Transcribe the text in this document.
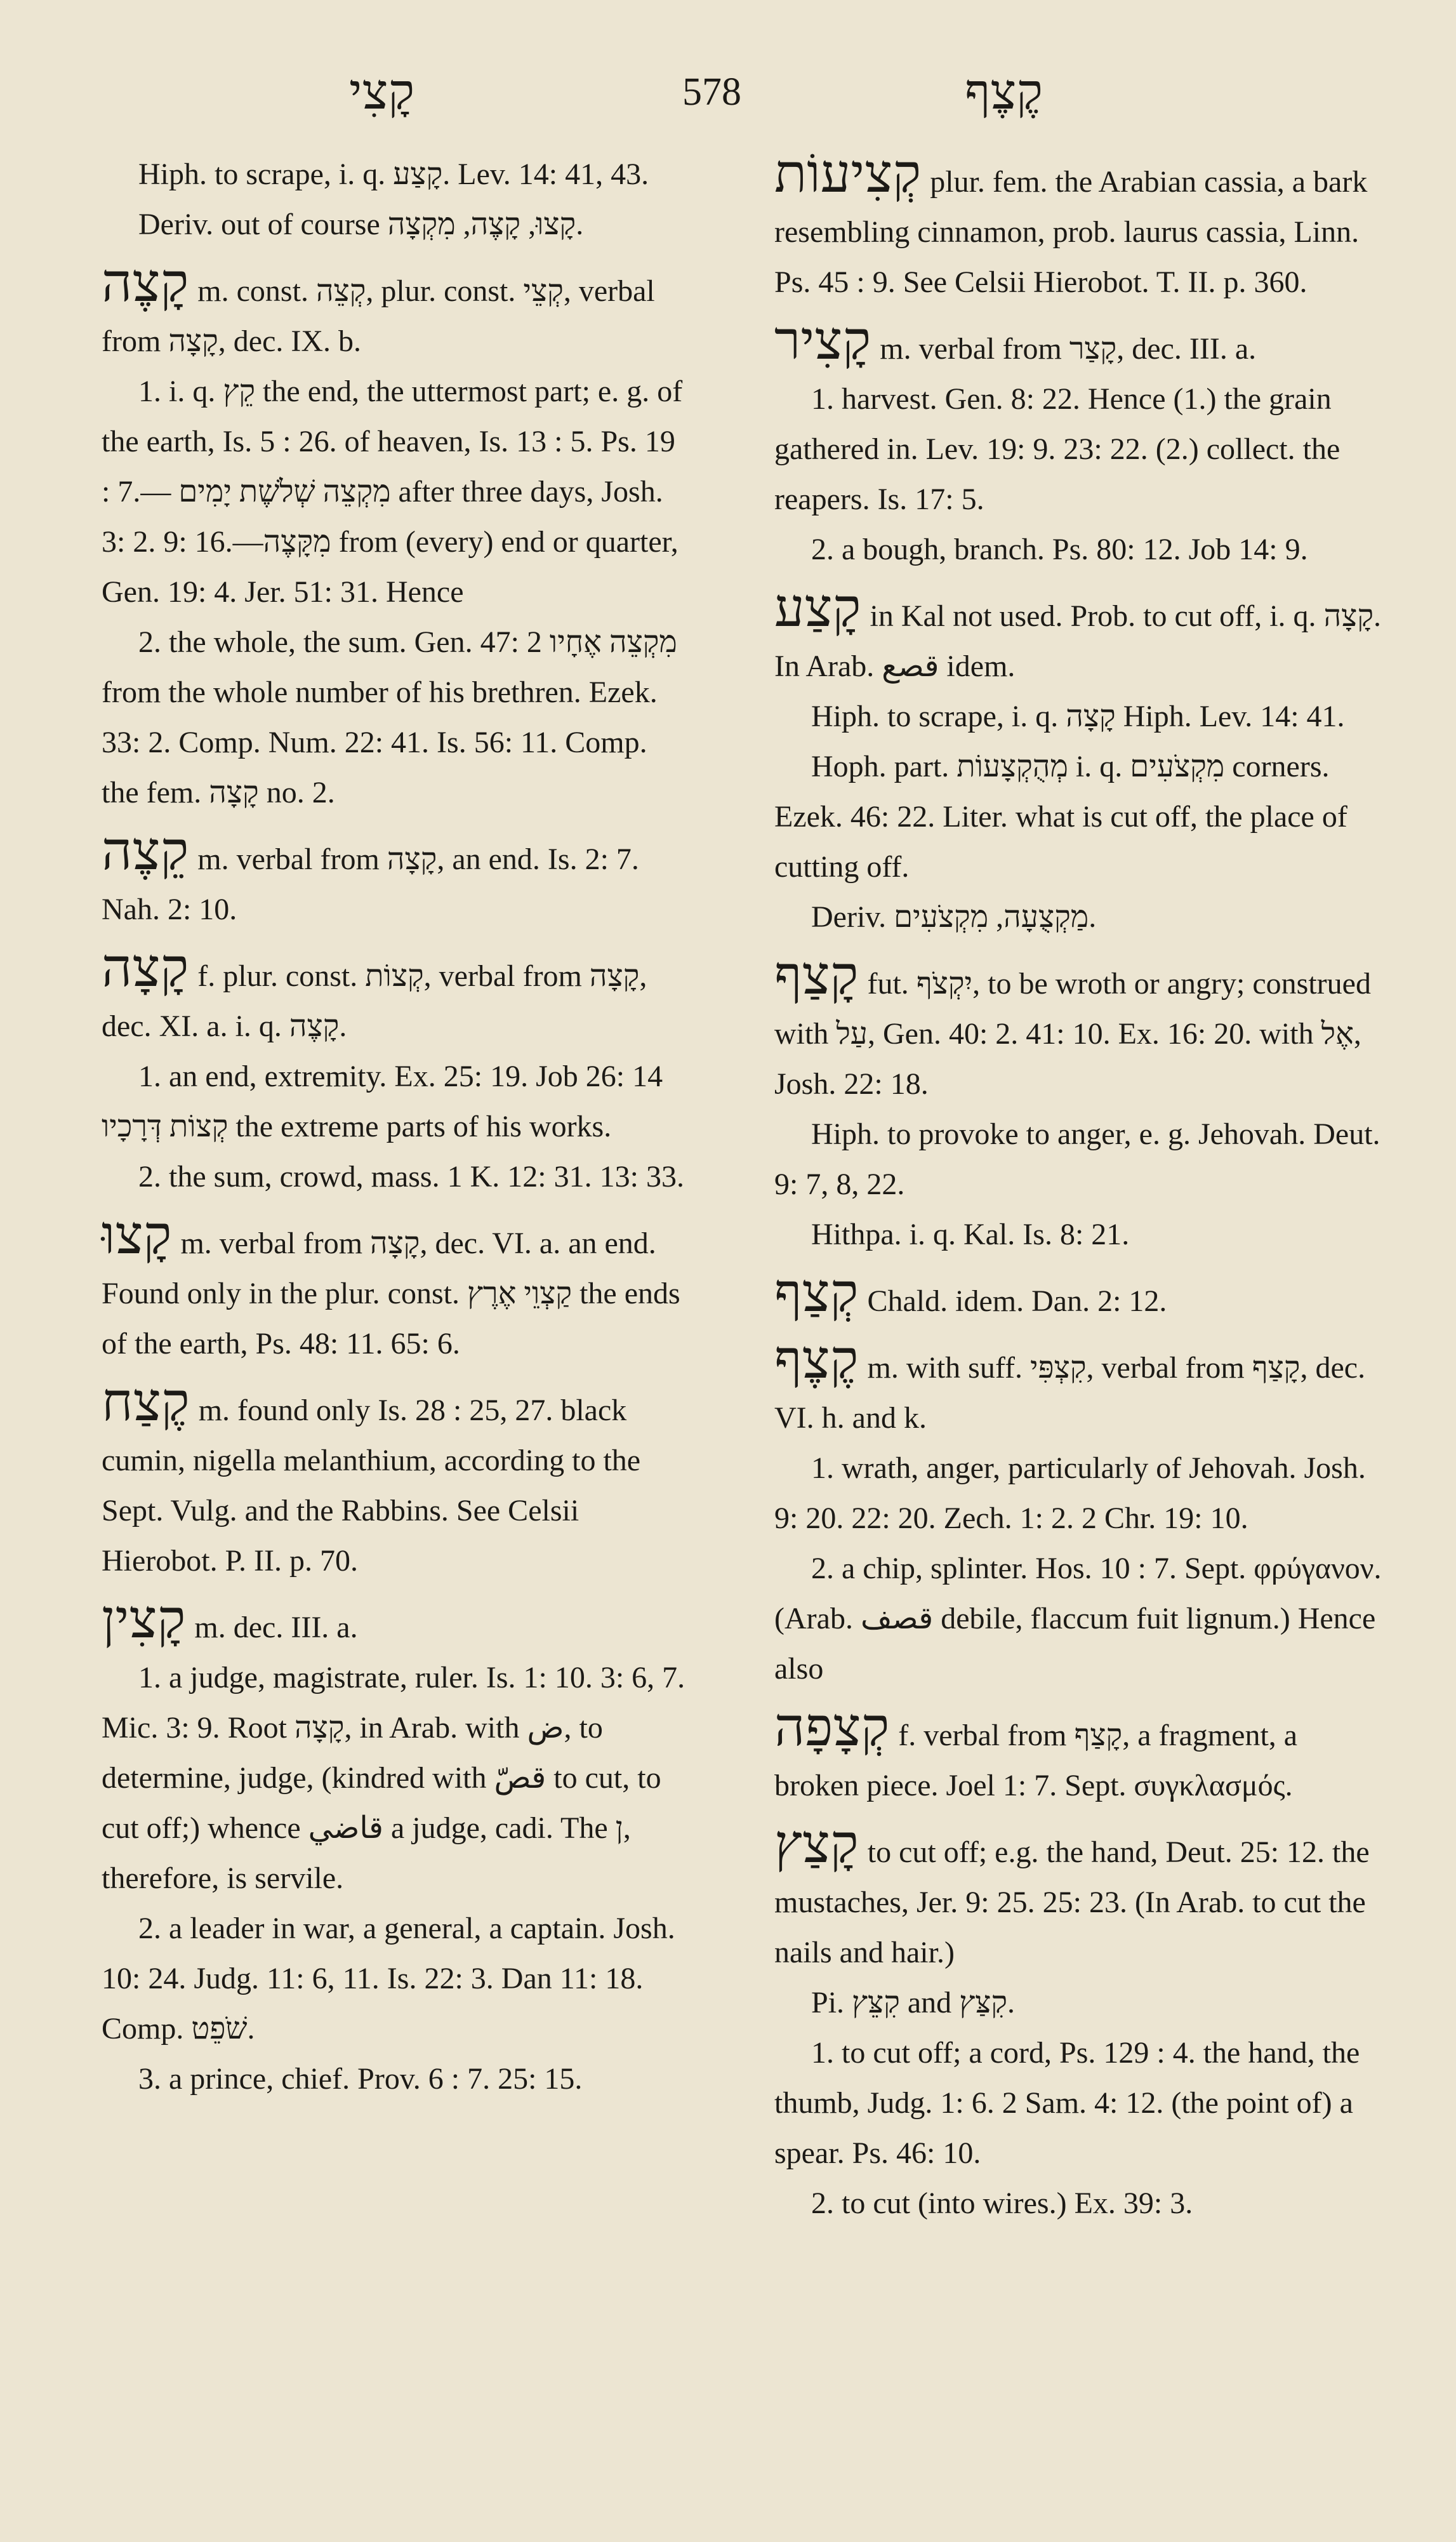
קָצִי	578	קֶצֶף

Hiph. to scrape, i. q. קָצַע. Lev. 14: 41, 43.

Deriv. out of course קָצוּ, קָצֶה, מִקְצָה.

קָצֶה m. const. קְצֵה, plur. const. קְצֵי, verbal from קָצָה, dec. IX. b.

1. i. q. קֵץ the end, the uttermost part; e. g. of the earth, Is. 5 : 26. of heaven, Is. 13 : 5. Ps. 19 : 7.— מִקְצֵה שְׁלֹשֶׁת יָמִים after three days, Josh. 3: 2. 9: 16.—מִקָּצֶה from (every) end or quarter, Gen. 19: 4. Jer. 51: 31. Hence

2. the whole, the sum. Gen. 47: 2 מִקְצֵה אֶחָיו from the whole number of his brethren. Ezek. 33: 2. Comp. Num. 22: 41. Is. 56: 11. Comp. the fem. קָצָה no. 2.

קֵצֶה m. verbal from קָצָה, an end. Is. 2: 7. Nah. 2: 10.

קָצָה f. plur. const. קְצוֹת, verbal from קָצָה, dec. XI. a. i. q. קָצֶה.

1. an end, extremity. Ex. 25: 19. Job 26: 14 קְצוֹת דְּרָכָיו the extreme parts of his works.

2. the sum, crowd, mass. 1 K. 12: 31. 13: 33.

קָצוּ m. verbal from קָצָה, dec. VI. a. an end. Found only in the plur. const. קַצְוֵי אֶרֶץ the ends of the earth, Ps. 48: 11. 65: 6.

קֶצַח m. found only Is. 28 : 25, 27. black cumin, nigella melanthium, according to the Sept. Vulg. and the Rabbins. See Celsii Hierobot. P. II. p. 70.

קָצִין m. dec. III. a.

1. a judge, magistrate, ruler. Is. 1: 10. 3: 6, 7. Mic. 3: 9. Root קָצָה, in Arab. with ض, to determine, judge, (kindred with قصّ to cut, to cut off;) whence قاضي a judge, cadi. The ן, therefore, is servile.

2. a leader in war, a general, a captain. Josh. 10: 24. Judg. 11: 6, 11. Is. 22: 3. Dan 11: 18. Comp. שֹׁפֵט.

3. a prince, chief. Prov. 6 : 7. 25: 15.

קְצִיעוֹת plur. fem. the Arabian cassia, a bark resembling cinnamon, prob. laurus cassia, Linn. Ps. 45 : 9. See Celsii Hierobot. T. II. p. 360.

קָצִיר m. verbal from קָצַר, dec. III. a.

1. harvest. Gen. 8: 22. Hence (1.) the grain gathered in. Lev. 19: 9. 23: 22. (2.) collect. the reapers. Is. 17: 5.

2. a bough, branch. Ps. 80: 12. Job 14: 9.

קָצַע in Kal not used. Prob. to cut off, i. q. קָצָה. In Arab. قصع idem.

Hiph. to scrape, i. q. קָצָה Hiph. Lev. 14: 41.

Hoph. part. מְהֻקְצָעוֹת i. q. מִקְצֹעִים corners. Ezek. 46: 22. Liter. what is cut off, the place of cutting off.

Deriv. מַקְצֻעָה, מִקְצֹעִים.

קָצַף fut. יִקְצֹף, to be wroth or angry; construed with עַל, Gen. 40: 2. 41: 10. Ex. 16: 20. with אֶל, Josh. 22: 18.

Hiph. to provoke to anger, e. g. Jehovah. Deut. 9: 7, 8, 22.

Hithpa. i. q. Kal. Is. 8: 21.

קְצַף Chald. idem. Dan. 2: 12.

קֶצֶף m. with suff. קִצְפִּי, verbal from קָצַף, dec. VI. h. and k.

1. wrath, anger, particularly of Jehovah. Josh. 9: 20. 22: 20. Zech. 1: 2. 2 Chr. 19: 10.

2. a chip, splinter. Hos. 10 : 7. Sept. φρύγανον. (Arab. قصف debile, flaccum fuit lignum.) Hence also

קְצָפָה f. verbal from קָצַף, a fragment, a broken piece. Joel 1: 7. Sept. συγκλασμός.

קָצַץ to cut off; e.g. the hand, Deut. 25: 12. the mustaches, Jer. 9: 25. 25: 23. (In Arab. to cut the nails and hair.)

Pi. קִצֵּץ and קִצַּץ.

1. to cut off; a cord, Ps. 129 : 4. the hand, the thumb, Judg. 1: 6. 2 Sam. 4: 12. (the point of) a spear. Ps. 46: 10.

2. to cut (into wires.) Ex. 39: 3.
